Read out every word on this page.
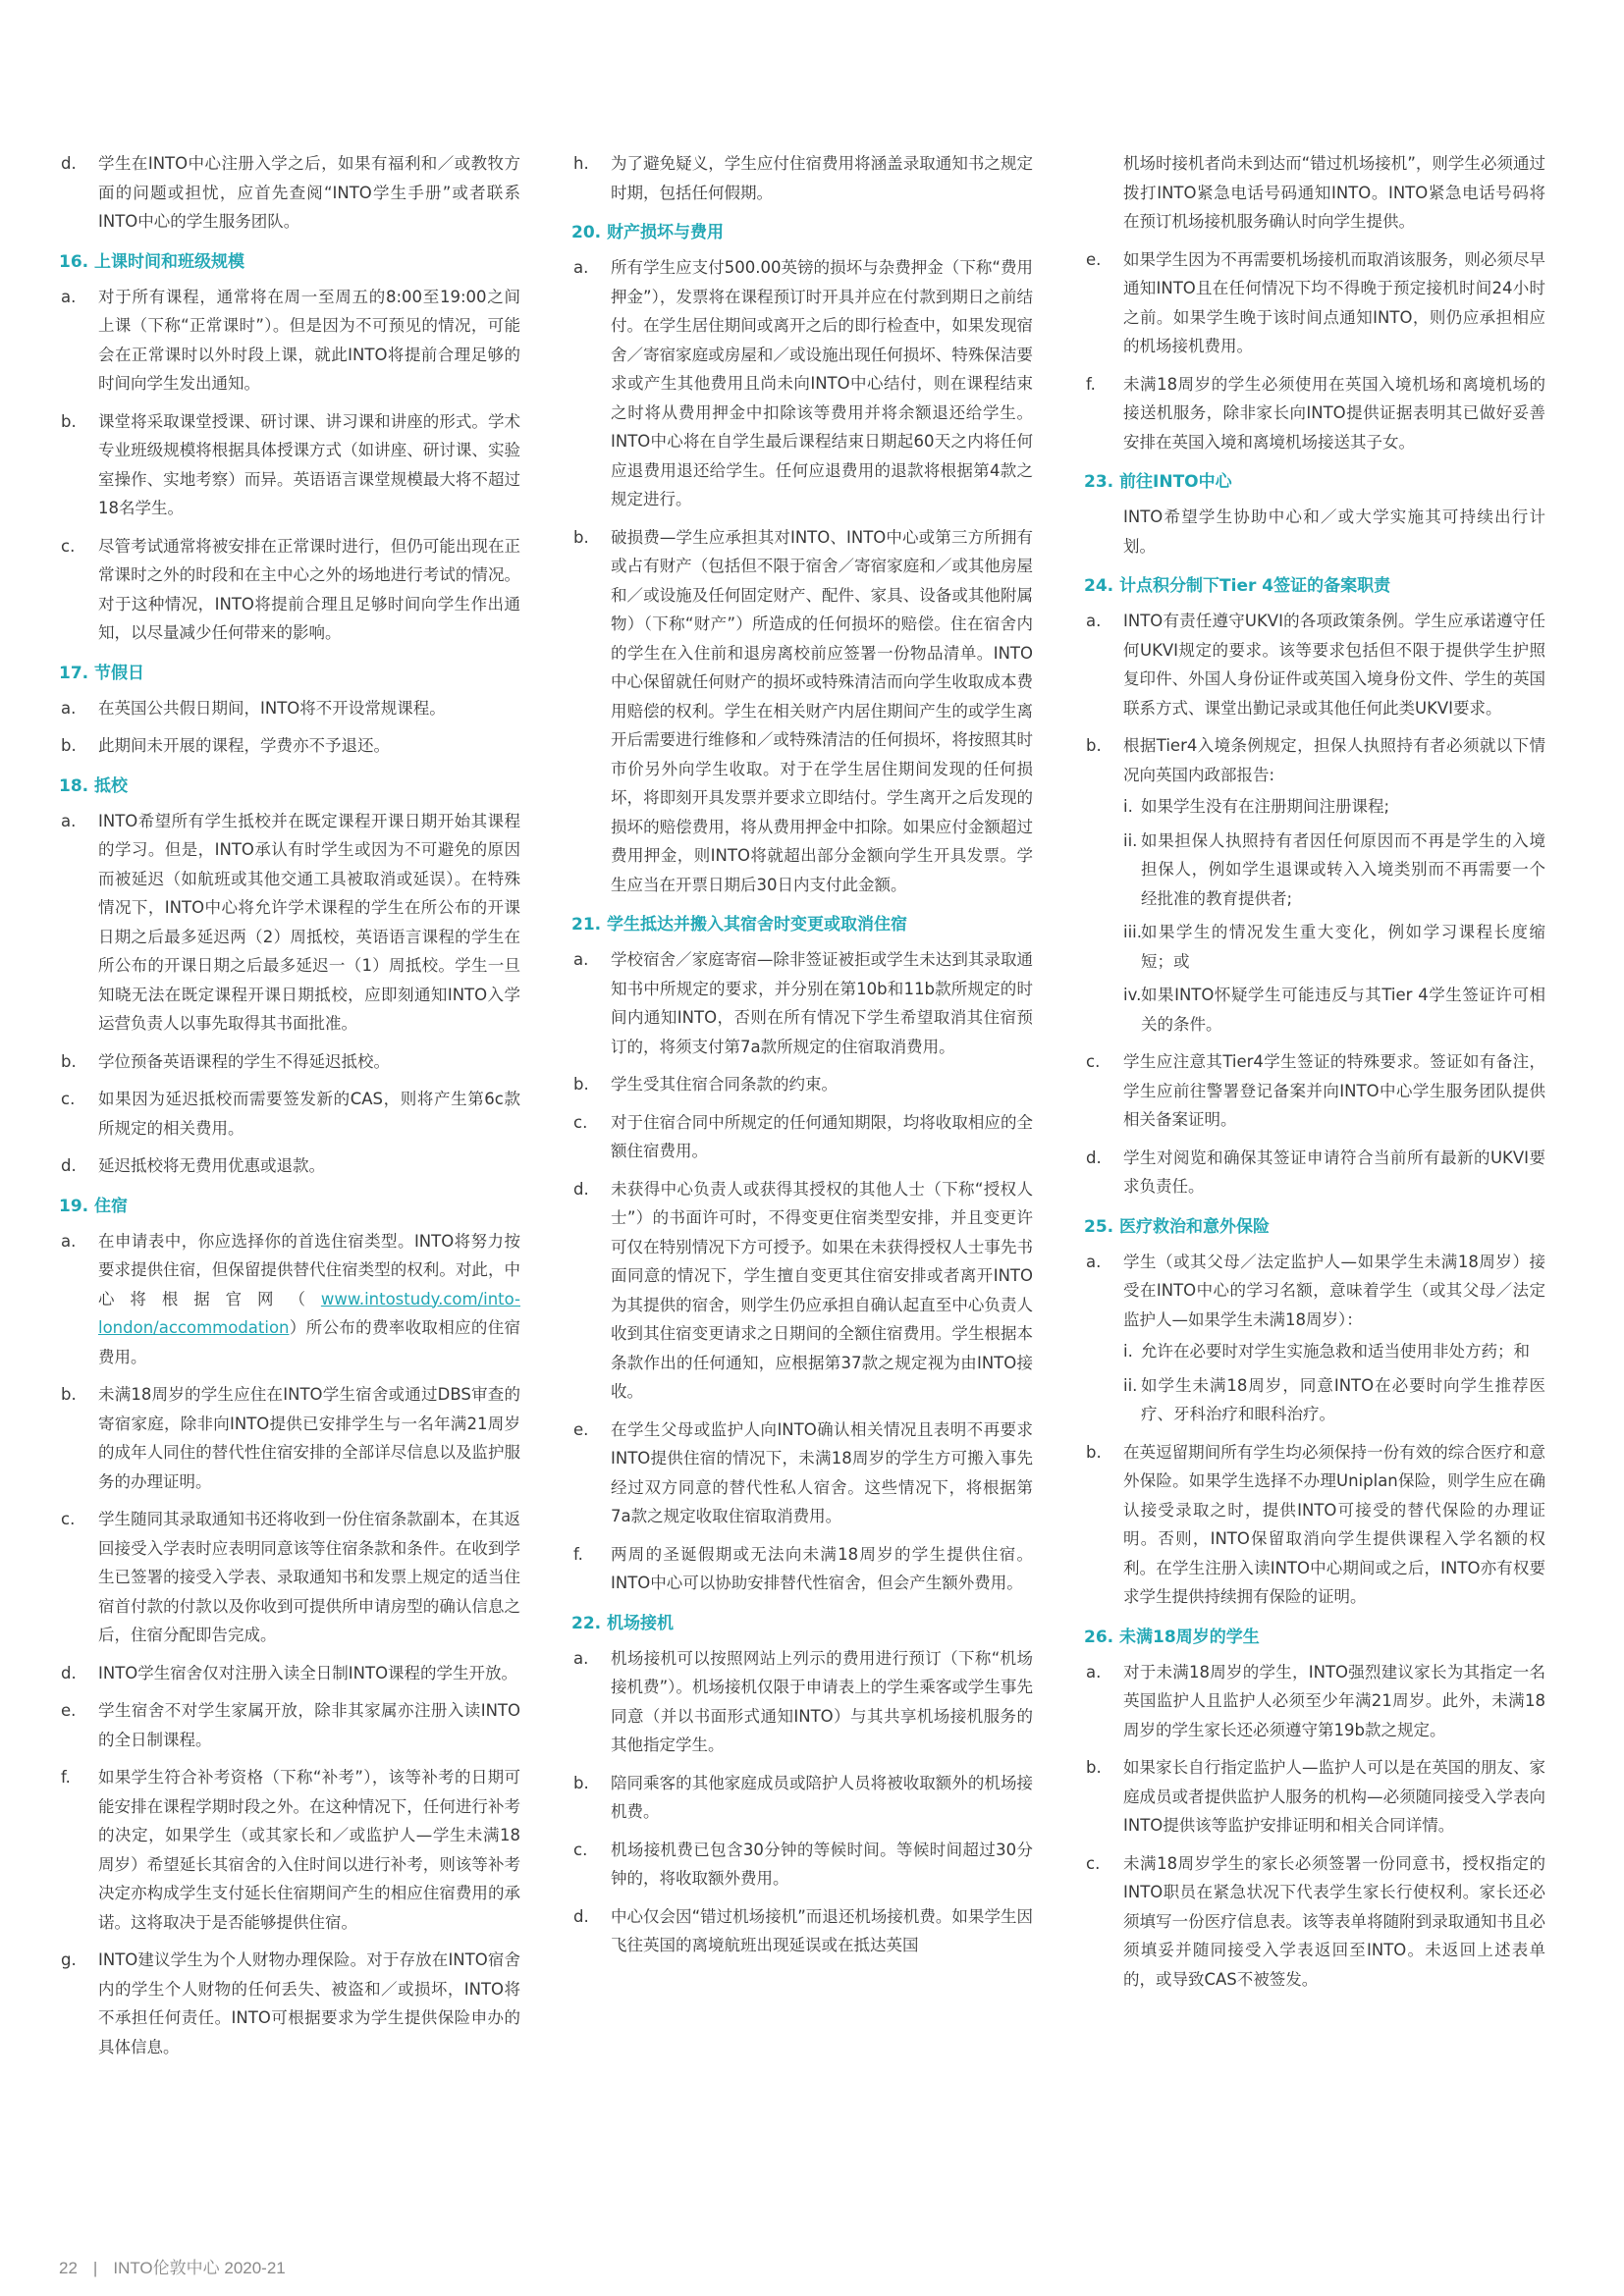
d. 学生在INTO中心注册入学之后，如果有福利和／或教牧方面的问题或担忧，应首先查阅“INTO学生手册”或者联系INTO中心的学生服务团队。
16. 上课时间和班级规模
a. 对于所有课程，通常将在周一至周五的8:00至19:00之间上课（下称“正常课时”）。但是因为不可预见的情况，可能会在正常课时以外时段上课，就此INTO将提前合理足够的时间向学生发出通知。
b. 课堂将采取课堂授课、研讨课、讲习课和讲座的形式。学术专业班级规模将根据具体授课方式（如讲座、研讨课、实验室操作、实地考察）而异。英语语言课堂规模最大将不超过18名学生。
c. 尽管考试通常将被安排在正常课时进行，但仍可能出现在正常课时之外的时段和在主中心之外的场地进行考试的情况。对于这种情况，INTO将提前合理且足够时间向学生作出通知，以尽量减少任何带来的影响。
17. 节假日
a. 在英国公共假日期间，INTO将不开设常规课程。
b. 此期间未开展的课程，学费亦不予退还。
18. 抵校
a. INTO希望所有学生抵校并在既定课程开课日期开始其课程的学习。但是，INTO承认有时学生或因为不可避免的原因而被延迟（如航班或其他交通工具被取消或延误）。在特殊情况下，INTO中心将允许学术课程的学生在所公布的开课日期之后最多延迟两（2）周抵校，英语语言课程的学生在所公布的开课日期之后最多延迟一（1）周抵校。学生一旦知晓无法在既定课程开课日期抵校，应即刻通知INTO入学运营负责人以事先取得其书面批准。
b. 学位预备英语课程的学生不得延迟抵校。
c. 如果因为延迟抵校而需要签发新的CAS，则将产生第6c款所规定的相关费用。
d. 延迟抵校将无费用优惠或退款。
19. 住宿
a. 在申请表中，你应选择你的首选住宿类型。INTO将努力按要求提供住宿，但保留提供替代住宿类型的权利。对此，中心将根据官网（www.intostudy.com/into-london/accommodation）所公布的费率收取相应的住宿费用。
b. 未满18周岁的学生应住在INTO学生宿舍或通过DBS审查的寄宿家庭，除非向INTO提供已安排学生与一名年满21周岁的成年人同住的替代性住宿安排的全部详尽信息以及监护服务的办理证明。
c. 学生随同其录取通知书还将收到一份住宿条款副本，在其返回接受入学表时应表明同意该等住宿条款和条件。在收到学生已签署的接受入学表、录取通知书和发票上规定的适当住宿首付款的付款以及你收到可提供所申请房型的确认信息之后，住宿分配即告完成。
d. INTO学生宿舍仅对注册入读全日制INTO课程的学生开放。
e. 学生宿舍不对学生家属开放，除非其家属亦注册入读INTO的全日制课程。
f. 如果学生符合补考资格（下称“补考”），该等补考的日期可能安排在课程学期时段之外。在这种情况下，任何进行补考的决定，如果学生（或其家长和／或监护人—学生未满18周岁）希望延长其宿舍的入住时间以进行补考，则该等补考决定亦构成学生支付延长住宿期间产生的相应住宿费用的承诺。这将取决于是否能够提供住宿。
g. INTO建议学生为个人财物办理保险。对于存放在INTO宿舍内的学生个人财物的任何丢失、被盗和／或损坏，INTO将不承担任何责任。INTO可根据要求为学生提供保险申办的具体信息。
h. 为了避免疑义，学生应付住宿费用将涵盖录取通知书之规定时期，包括任何假期。
20. 财产损坏与费用
a. 所有学生应支付500.00英镑的损坏与杂费押金（下称“费用押金”），发票将在课程预订时开具并应在付款到期日之前结付。在学生居住期间或离开之后的即行检查中，如果发现宿舍／寄宿家庭或房屋和／或设施出现任何损坏、特殊保洁要求或产生其他费用且尚未向INTO中心结付，则在课程结束之时将从费用押金中扣除该等费用并将余额退还给学生。INTO中心将在自学生最后课程结束日期起60天之内将任何应退费用退还给学生。任何应退费用的退款将根据第4款之规定进行。
b. 破损费—学生应承担其对INTO、INTO中心或第三方所拥有或占有财产（包括但不限于宿舍／寄宿家庭和／或其他房屋和／或设施及任何固定财产、配件、家具、设备或其他附属物）（下称“财产”）所造成的任何损坏的赔偿。住在宿舍内的学生在入住前和退房离校前应签署一份物品清单。INTO中心保留就任何财产的损坏或特殊清洁而向学生收取成本费用赔偿的权利。学生在相关财产内居住期间产生的或学生离开后需要进行维修和／或特殊清洁的任何损坏，将按照其时市价另外向学生收取。对于在学生居住期间发现的任何损坏，将即刻开具发票并要求立即结付。学生离开之后发现的损坏的赔偿费用，将从费用押金中扣除。如果应付金额超过费用押金，则INTO将就超出部分金额向学生开具发票。学生应当在开票日期后30日内支付此金额。
21. 学生抵达并搬入其宿舍时变更或取消住宿
a. 学校宿舍／家庭寄宿—除非签证被拒或学生未达到其录取通知书中所规定的要求，并分别在第10b和11b款所规定的时间内通知INTO，否则在所有情况下学生希望取消其住宿预订的，将须支付第7a款所规定的住宿取消费用。
b. 学生受其住宿合同条款的约束。
c. 对于住宿合同中所规定的任何通知期限，均将收取相应的全额住宿费用。
d. 未获得中心负责人或获得其授权的其他人士（下称“授权人士”）的书面许可时，不得变更住宿类型安排，并且变更许可仅在特别情况下方可授予。如果在未获得授权人士事先书面同意的情况下，学生擅自变更其住宿安排或者离开INTO为其提供的宿舍，则学生仍应承担自确认起直至中心负责人收到其住宿变更请求之日期间的全额住宿费用。学生根据本条款作出的任何通知，应根据第37款之规定视为由INTO接收。
e. 在学生父母或监护人向INTO确认相关情况且表明不再要求INTO提供住宿的情况下，未满18周岁的学生方可搬入事先经过双方同意的替代性私人宿舍。这些情况下，将根据第7a款之规定收取住宿取消费用。
f. 两周的圣诞假期或无法向未满18周岁的学生提供住宿。INTO中心可以协助安排替代性宿舍，但会产生额外费用。
22. 机场接机
a. 机场接机可以按照网站上列示的费用进行预订（下称“机场接机费”）。机场接机仅限于申请表上的学生乘客或学生事先同意（并以书面形式通知INTO）与其共享机场接机服务的其他指定学生。
b. 陪同乘客的其他家庭成员或陪护人员将被收取额外的机场接机费。
c. 机场接机费已包含30分钟的等候时间。等候时间超过30分钟的，将收取额外费用。
d. 中心仅会因“错过机场接机”而退还机场接机费。如果学生因飞往英国的离境航班出现延误或在抵达英国
机场时接机者尚未到达而“错过机场接机”，则学生必须通过拨打INTO紧急电话号码通知INTO。INTO紧急电话号码将在预订机场接机服务确认时向学生提供。
e. 如果学生因为不再需要机场接机而取消该服务，则必须尽早通知INTO且在任何情况下均不得晚于预定接机时间24小时之前。如果学生晚于该时间点通知INTO，则仍应承担相应的机场接机费用。
f. 未满18周岁的学生必须使用在英国入境机场和离境机场的接送机服务，除非家长向INTO提供证据表明其已做好妥善安排在英国入境和离境机场接送其子女。
23. 前往INTO中心
INTO希望学生协助中心和／或大学实施其可持续出行计划。
24. 计点积分制下Tier 4签证的备案职责
a. INTO有责任遵守UKVI的各项政策条例。学生应承诺遵守任何UKVI规定的要求。该等要求包括但不限于提供学生护照复印件、外国人身份证件或英国入境身份文件、学生的英国联系方式、课堂出勤记录或其他任何此类UKVI要求。
b. 根据Tier4入境条例规定，担保人执照持有者必须就以下情况向英国内政部报告:
i. 如果学生没有在注册期间注册课程;
ii. 如果担保人执照持有者因任何原因而不再是学生的入境担保人，例如学生退课或转入入境类别而不再需要一个经批准的教育提供者;
iii. 如果学生的情况发生重大变化，例如学习课程长度缩短；或
iv. 如果INTO怀疑学生可能违反与其Tier 4学生签证许可相关的条件。
c. 学生应注意其Tier4学生签证的特殊要求。签证如有备注，学生应前往警署登记备案并向INTO中心学生服务团队提供相关备案证明。
d. 学生对阅览和确保其签证申请符合当前所有最新的UKVI要求负责任。
25. 医疗救治和意外保险
a. 学生（或其父母／法定监护人—如果学生未满18周岁）接受在INTO中心的学习名额，意味着学生（或其父母／法定监护人—如果学生未满18周岁）：
i. 允许在必要时对学生实施急救和适当使用非处方药；和
ii. 如学生未满18周岁，同意INTO在必要时向学生推荐医疗、牙科治疗和眼科治疗。
b. 在英逗留期间所有学生均必须保持一份有效的综合医疗和意外保险。如果学生选择不办理Uniplan保险，则学生应在确认接受录取之时，提供INTO可接受的替代保险的办理证明。否则，INTO保留取消向学生提供课程入学名额的权利。在学生注册入读INTO中心期间或之后，INTO亦有权要求学生提供持续拥有保险的证明。
26. 未满18周岁的学生
a. 对于未满18周岁的学生，INTO强烈建议家长为其指定一名英国监护人且监护人必须至少年满21周岁。此外，未满18周岁的学生家长还必须遵守第19b款之规定。
b. 如果家长自行指定监护人—监护人可以是在英国的朋友、家庭成员或者提供监护人服务的机构—必须随同接受入学表向INTO提供该等监护安排证明和相关合同详情。
c. 未满18周岁学生的家长必须签署一份同意书，授权指定的INTO职员在紧急状况下代表学生家长行使权利。家长还必须填写一份医疗信息表。该等表单将随附到录取通知书且必须填妥并随同接受入学表返回至INTO。未返回上述表单的，或导致CAS不被签发。
22 | INTO伦敦中心 2020-21
